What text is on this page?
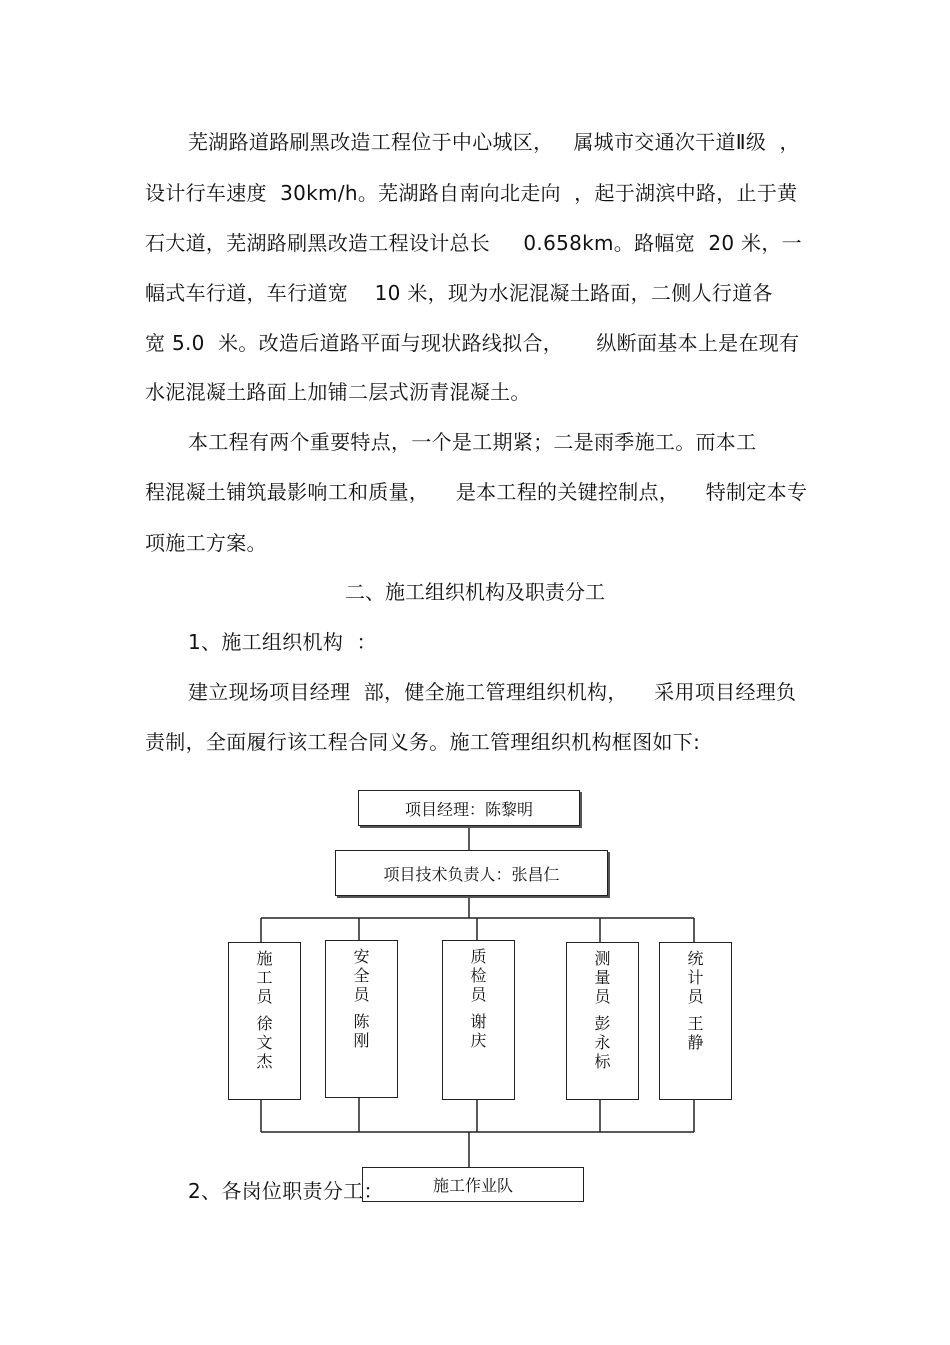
芜湖路道路刷黑改造工程位于中心城区，   属城市交通次干道Ⅱ级  ，
设计行车速度  30km/h。芜湖路自南向北走向  ，起于湖滨中路，止于黄
石大道，芜湖路刷黑改造工程设计总长     0.658km。路幅宽  20 米，一
幅式车行道，车行道宽    10 米，现为水泥混凝土路面，二侧人行道各
宽 5.0  米。改造后道路平面与现状路线拟合，     纵断面基本上是在现有
水泥混凝土路面上加铺二层式沥青混凝土。
本工程有两个重要特点，一个是工期紧；二是雨季施工。而本工
程混凝土铺筑最影响工和质量，    是本工程的关键控制点，    特制定本专
项施工方案。
二、施工组织机构及职责分工
1、施工组织机构  ：
建立现场项目经理  部，健全施工管理组织机构，    采用项目经理负
责制，全面履行该工程合同义务。施工管理组织机构框图如下:
项目经理：陈黎明
项目技术负责人：张昌仁
施
工
员
徐
文
杰
安
全
员
陈
刚
质
检
员
谢
庆
测
量
员
彭
永
标
统
计
员
王
静
2、各岗位职责分工：	施工作业队
